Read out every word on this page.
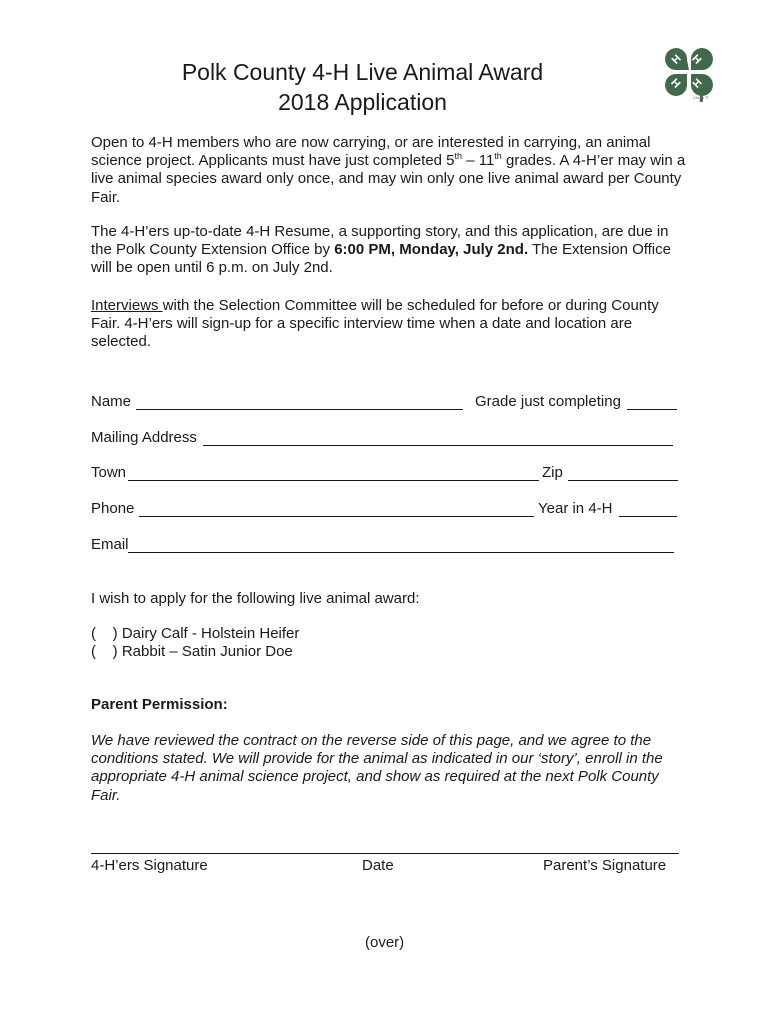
Polk County 4-H Live Animal Award
2018 Application
H H
H H
Clover ®
Open to 4-H members who are now carrying, or are interested in carrying, an animal science project. Applicants must have just completed 5th – 11th grades. A 4-H’er may win a live animal species award only once, and may win only one live animal award per County Fair.
The 4-H’ers up-to-date 4-H Resume, a supporting story, and this application, are due in the Polk County Extension Office by 6:00 PM, Monday, July 2nd. The Extension Office will be open until 6 p.m. on July 2nd.
Interviews with the Selection Committee will be scheduled for before or during County Fair. 4-H’ers will sign-up for a specific interview time when a date and location are selected.
Name	Grade just completing
Mailing Address
Town	Zip
Phone	Year in 4-H
Email
I wish to apply for the following live animal award:
(    ) Dairy Calf - Holstein Heifer
(    ) Rabbit – Satin Junior Doe
Parent Permission:
We have reviewed the contract on the reverse side of this page, and we agree to the conditions stated. We will provide for the animal as indicated in our ‘story’, enroll in the appropriate 4-H animal science project, and show as required at the next Polk County Fair.
4-H’ers Signature	Date	Parent’s Signature
(over)
